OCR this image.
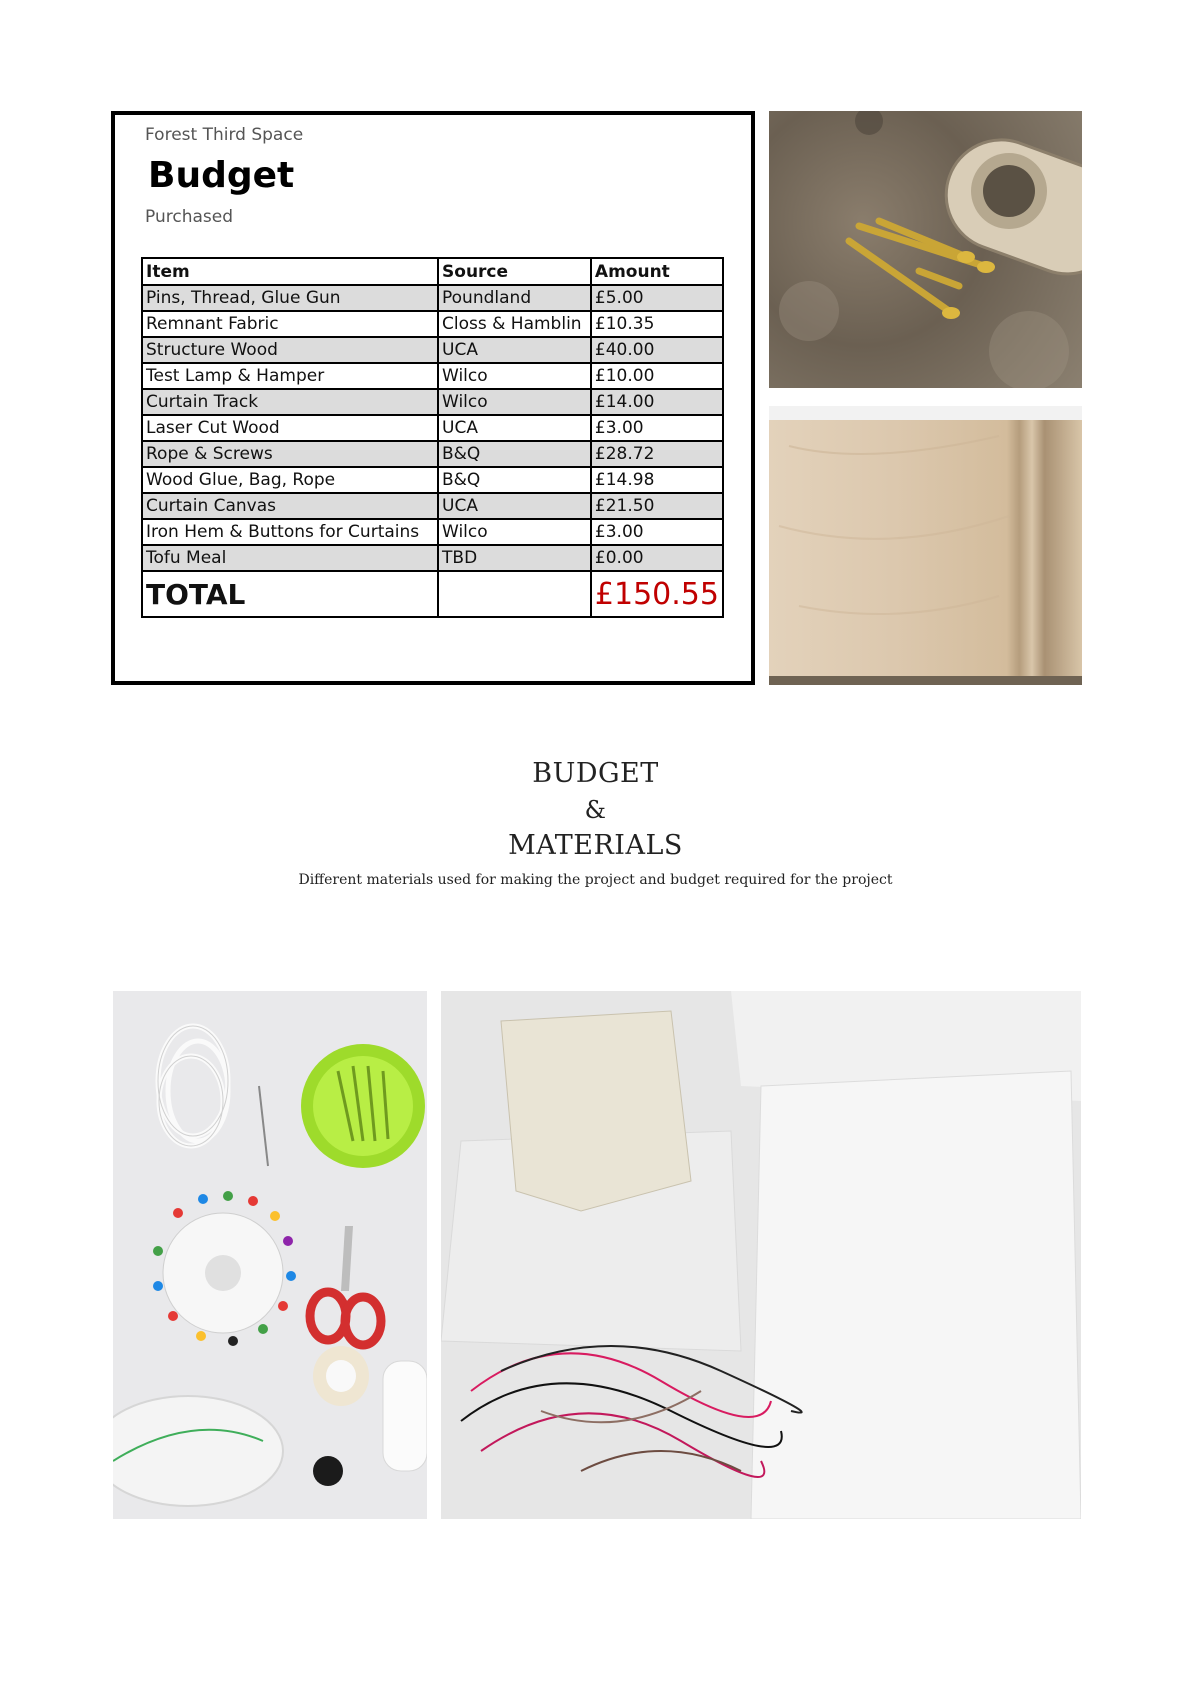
Forest Third Space
Budget
Purchased
Item	Source	Amount
Pins, Thread, Glue Gun	Poundland	£5.00
Remnant Fabric	Closs & Hamblin	£10.35
Structure Wood	UCA	£40.00
Test Lamp & Hamper	Wilco	£10.00
Curtain Track	Wilco	£14.00
Laser Cut Wood	UCA	£3.00
Rope & Screws	B&Q	£28.72
Wood Glue, Bag, Rope	B&Q	£14.98
Curtain Canvas	UCA	£21.50
Iron Hem & Buttons for Curtains	Wilco	£3.00
Tofu Meal	TBD	£0.00
TOTAL		£150.55
BUDGET
&
MATERIALS
Different materials used for making the project and budget required for the project
